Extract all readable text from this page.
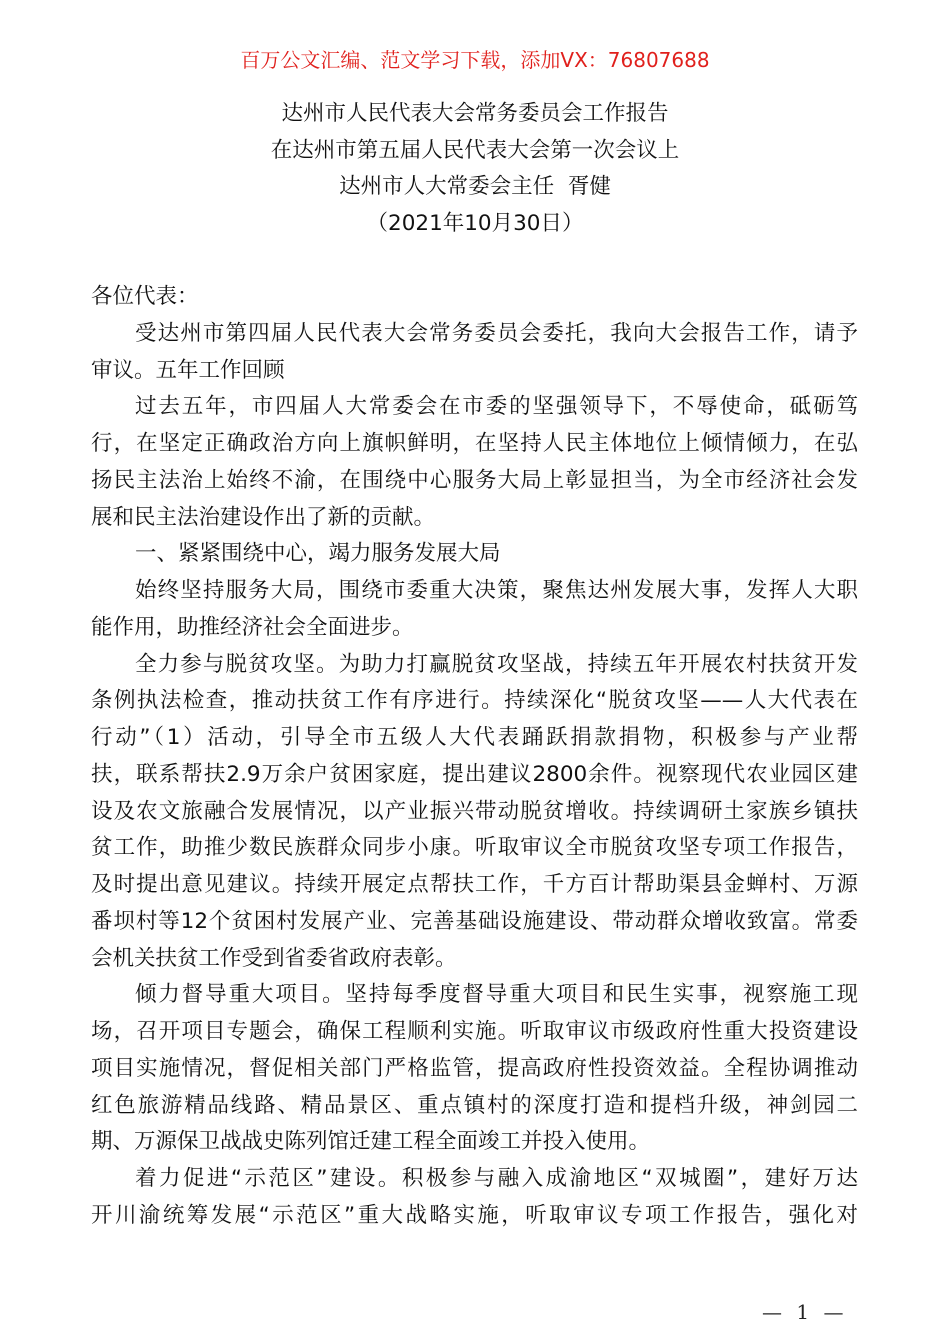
百万公文汇编、范文学习下载，添加VX：76807688
达州市人民代表大会常务委员会工作报告
在达州市第五届人民代表大会第一次会议上
达州市人大常委会主任  胥健
（2021年10月30日）
各位代表：
受达州市第四届人民代表大会常务委员会委托，我向大会报告工作，请予
审议。五年工作回顾
过去五年，市四届人大常委会在市委的坚强领导下，不辱使命，砥砺笃
行，在坚定正确政治方向上旗帜鲜明，在坚持人民主体地位上倾情倾力，在弘
扬民主法治上始终不渝，在围绕中心服务大局上彰显担当，为全市经济社会发
展和民主法治建设作出了新的贡献。
一、紧紧围绕中心，竭力服务发展大局
始终坚持服务大局，围绕市委重大决策，聚焦达州发展大事，发挥人大职
能作用，助推经济社会全面进步。
全力参与脱贫攻坚。为助力打赢脱贫攻坚战，持续五年开展农村扶贫开发
条例执法检查，推动扶贫工作有序进行。持续深化“脱贫攻坚——人大代表在
行动”（1）活动，引导全市五级人大代表踊跃捐款捐物，积极参与产业帮
扶，联系帮扶2.9万余户贫困家庭，提出建议2800余件。视察现代农业园区建
设及农文旅融合发展情况，以产业振兴带动脱贫增收。持续调研土家族乡镇扶
贫工作，助推少数民族群众同步小康。听取审议全市脱贫攻坚专项工作报告，
及时提出意见建议。持续开展定点帮扶工作，千方百计帮助渠县金蝉村、万源
番坝村等12个贫困村发展产业、完善基础设施建设、带动群众增收致富。常委
会机关扶贫工作受到省委省政府表彰。
倾力督导重大项目。坚持每季度督导重大项目和民生实事，视察施工现
场，召开项目专题会，确保工程顺利实施。听取审议市级政府性重大投资建设
项目实施情况，督促相关部门严格监管，提高政府性投资效益。全程协调推动
红色旅游精品线路、精品景区、重点镇村的深度打造和提档升级，神剑园二
期、万源保卫战战史陈列馆迁建工程全面竣工并投入使用。
着力促进“示范区”建设。积极参与融入成渝地区“双城圈”，建好万达
开川渝统筹发展“示范区”重大战略实施，听取审议专项工作报告，强化对
— 1 —
